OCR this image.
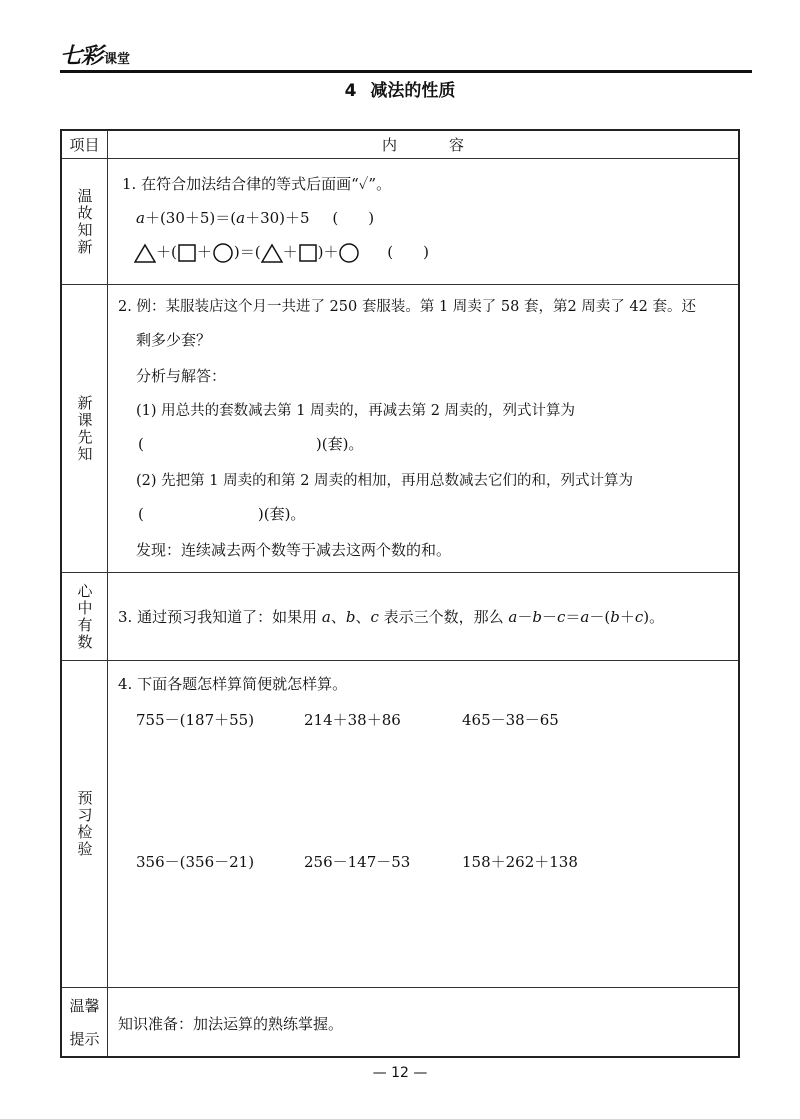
七彩 课堂
4 减法的性质
项目	内	容
温故知新
1. 在符合加法结合律的等式后面画“✓”。
a＋(30＋5)＝(a＋30)＋5 (　　)
＋( ＋ )＝( ＋ )＋	(　　)
新课先知
2. 例：某服装店这个月一共进了 250 套服装。第 1 周卖了 58 套，第2 周卖了 42 套。还
剩多少套？
分析与解答：
(1) 用总共的套数减去第 1 周卖的，再减去第 2 周卖的，列式计算为
(	)(套)。
(2) 先把第 1 周卖的和第 2 周卖的相加，再用总数减去它们的和，列式计算为
(	)(套)。
发现：连续减去两个数等于减去这两个数的和。
心中有数 3. 通过预习我知道了：如果用 a、b、c 表示三个数，那么 a－b－c＝a－(b＋c)。
预习检验
4. 下面各题怎样算简便就怎样算。
755－(187＋55)	214＋38＋86	465－38－65
356－(356－21)	256－147－53	158＋262＋138
温馨
提示
知识准备：加法运算的熟练掌握。
— 12 —
